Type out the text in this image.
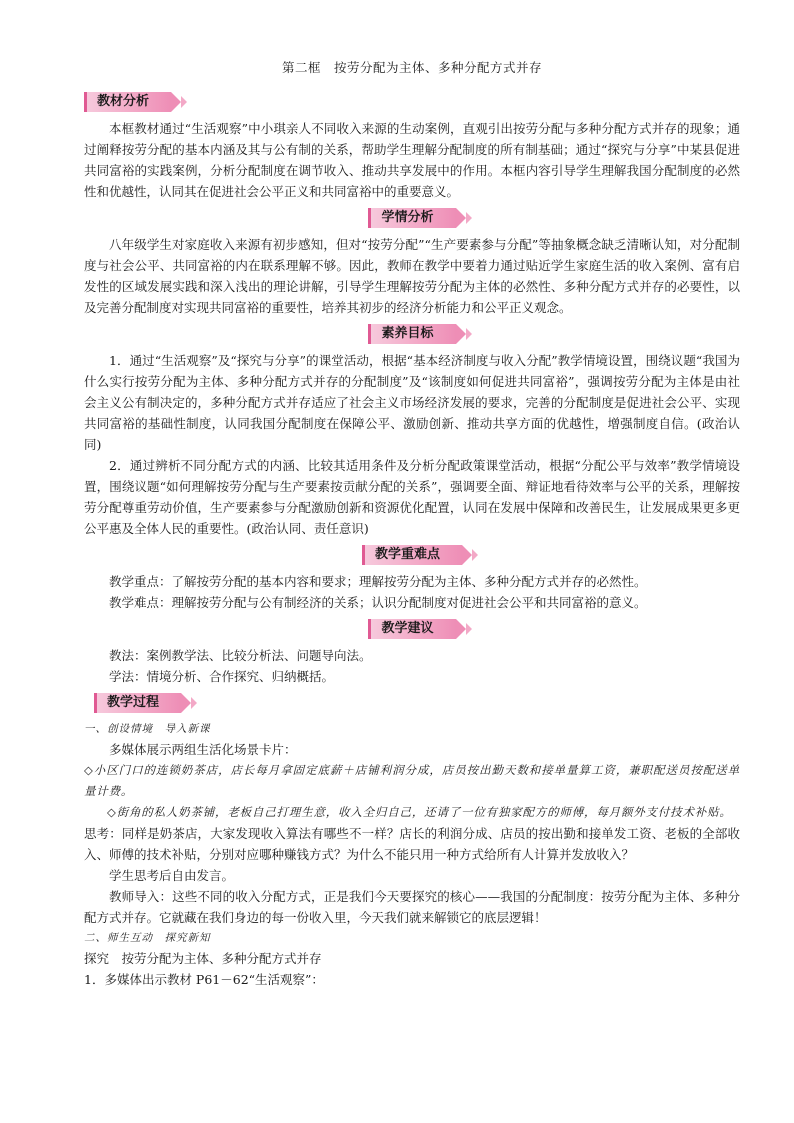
第二框　按劳分配为主体、多种分配方式并存
教材分析

本框教材通过“生活观察”中小琪亲人不同收入来源的生动案例，直观引出按劳分配与多种分配方式并存的现象；通过阐释按劳分配的基本内涵及其与公有制的关系，帮助学生理解分配制度的所有制基础；通过“探究与分享”中某县促进共同富裕的实践案例，分析分配制度在调节收入、推动共享发展中的作用。本框内容引导学生理解我国分配制度的必然性和优越性，认同其在促进社会公平正义和共同富裕中的重要意义。

学情分析

八年级学生对家庭收入来源有初步感知，但对“按劳分配”“生产要素参与分配”等抽象概念缺乏清晰认知，对分配制度与社会公平、共同富裕的内在联系理解不够。因此，教师在教学中要着力通过贴近学生家庭生活的收入案例、富有启发性的区域发展实践和深入浅出的理论讲解，引导学生理解按劳分配为主体的必然性、多种分配方式并存的必要性，以及完善分配制度对实现共同富裕的重要性，培养其初步的经济分析能力和公平正义观念。

素养目标

1．通过“生活观察”及“探究与分享”的课堂活动，根据“基本经济制度与收入分配”教学情境设置，围绕议题“我国为什么实行按劳分配为主体、多种分配方式并存的分配制度”及“该制度如何促进共同富裕”，强调按劳分配为主体是由社会主义公有制决定的，多种分配方式并存适应了社会主义市场经济发展的要求，完善的分配制度是促进社会公平、实现共同富裕的基础性制度，认同我国分配制度在保障公平、激励创新、推动共享方面的优越性，增强制度自信。(政治认同)

2．通过辨析不同分配方式的内涵、比较其适用条件及分析分配政策课堂活动，根据“分配公平与效率”教学情境设置，围绕议题“如何理解按劳分配与生产要素按贡献分配的关系”，强调要全面、辩证地看待效率与公平的关系，理解按劳分配尊重劳动价值，生产要素参与分配激励创新和资源优化配置，认同在发展中保障和改善民生，让发展成果更多更公平惠及全体人民的重要性。(政治认同、责任意识)

教学重难点

教学重点：了解按劳分配的基本内容和要求；理解按劳分配为主体、多种分配方式并存的必然性。

教学难点：理解按劳分配与公有制经济的关系；认识分配制度对促进社会公平和共同富裕的意义。

教学建议

教法：案例教学法、比较分析法、问题导向法。

学法：情境分析、合作探究、归纳概括。

教学过程

一、创设情境　导入新课

多媒体展示两组生活化场景卡片：

◇小区门口的连锁奶茶店，店长每月拿固定底薪＋店铺利润分成，店员按出勤天数和接单量算工资，兼职配送员按配送单量计费。

◇街角的私人奶茶铺，老板自己打理生意，收入全归自己，还请了一位有独家配方的师傅，每月额外支付技术补贴。

思考：同样是奶茶店，大家发现收入算法有哪些不一样？店长的利润分成、店员的按出勤和接单发工资、老板的全部收入、师傅的技术补贴，分别对应哪种赚钱方式？为什么不能只用一种方式给所有人计算并发放收入？

学生思考后自由发言。

教师导入：这些不同的收入分配方式，正是我们今天要探究的核心——我国的分配制度：按劳分配为主体、多种分配方式并存。它就藏在我们身边的每一份收入里，今天我们就来解锁它的底层逻辑！

二、师生互动　探究新知

探究　按劳分配为主体、多种分配方式并存

1．多媒体出示教材 P61－62“生活观察”：
